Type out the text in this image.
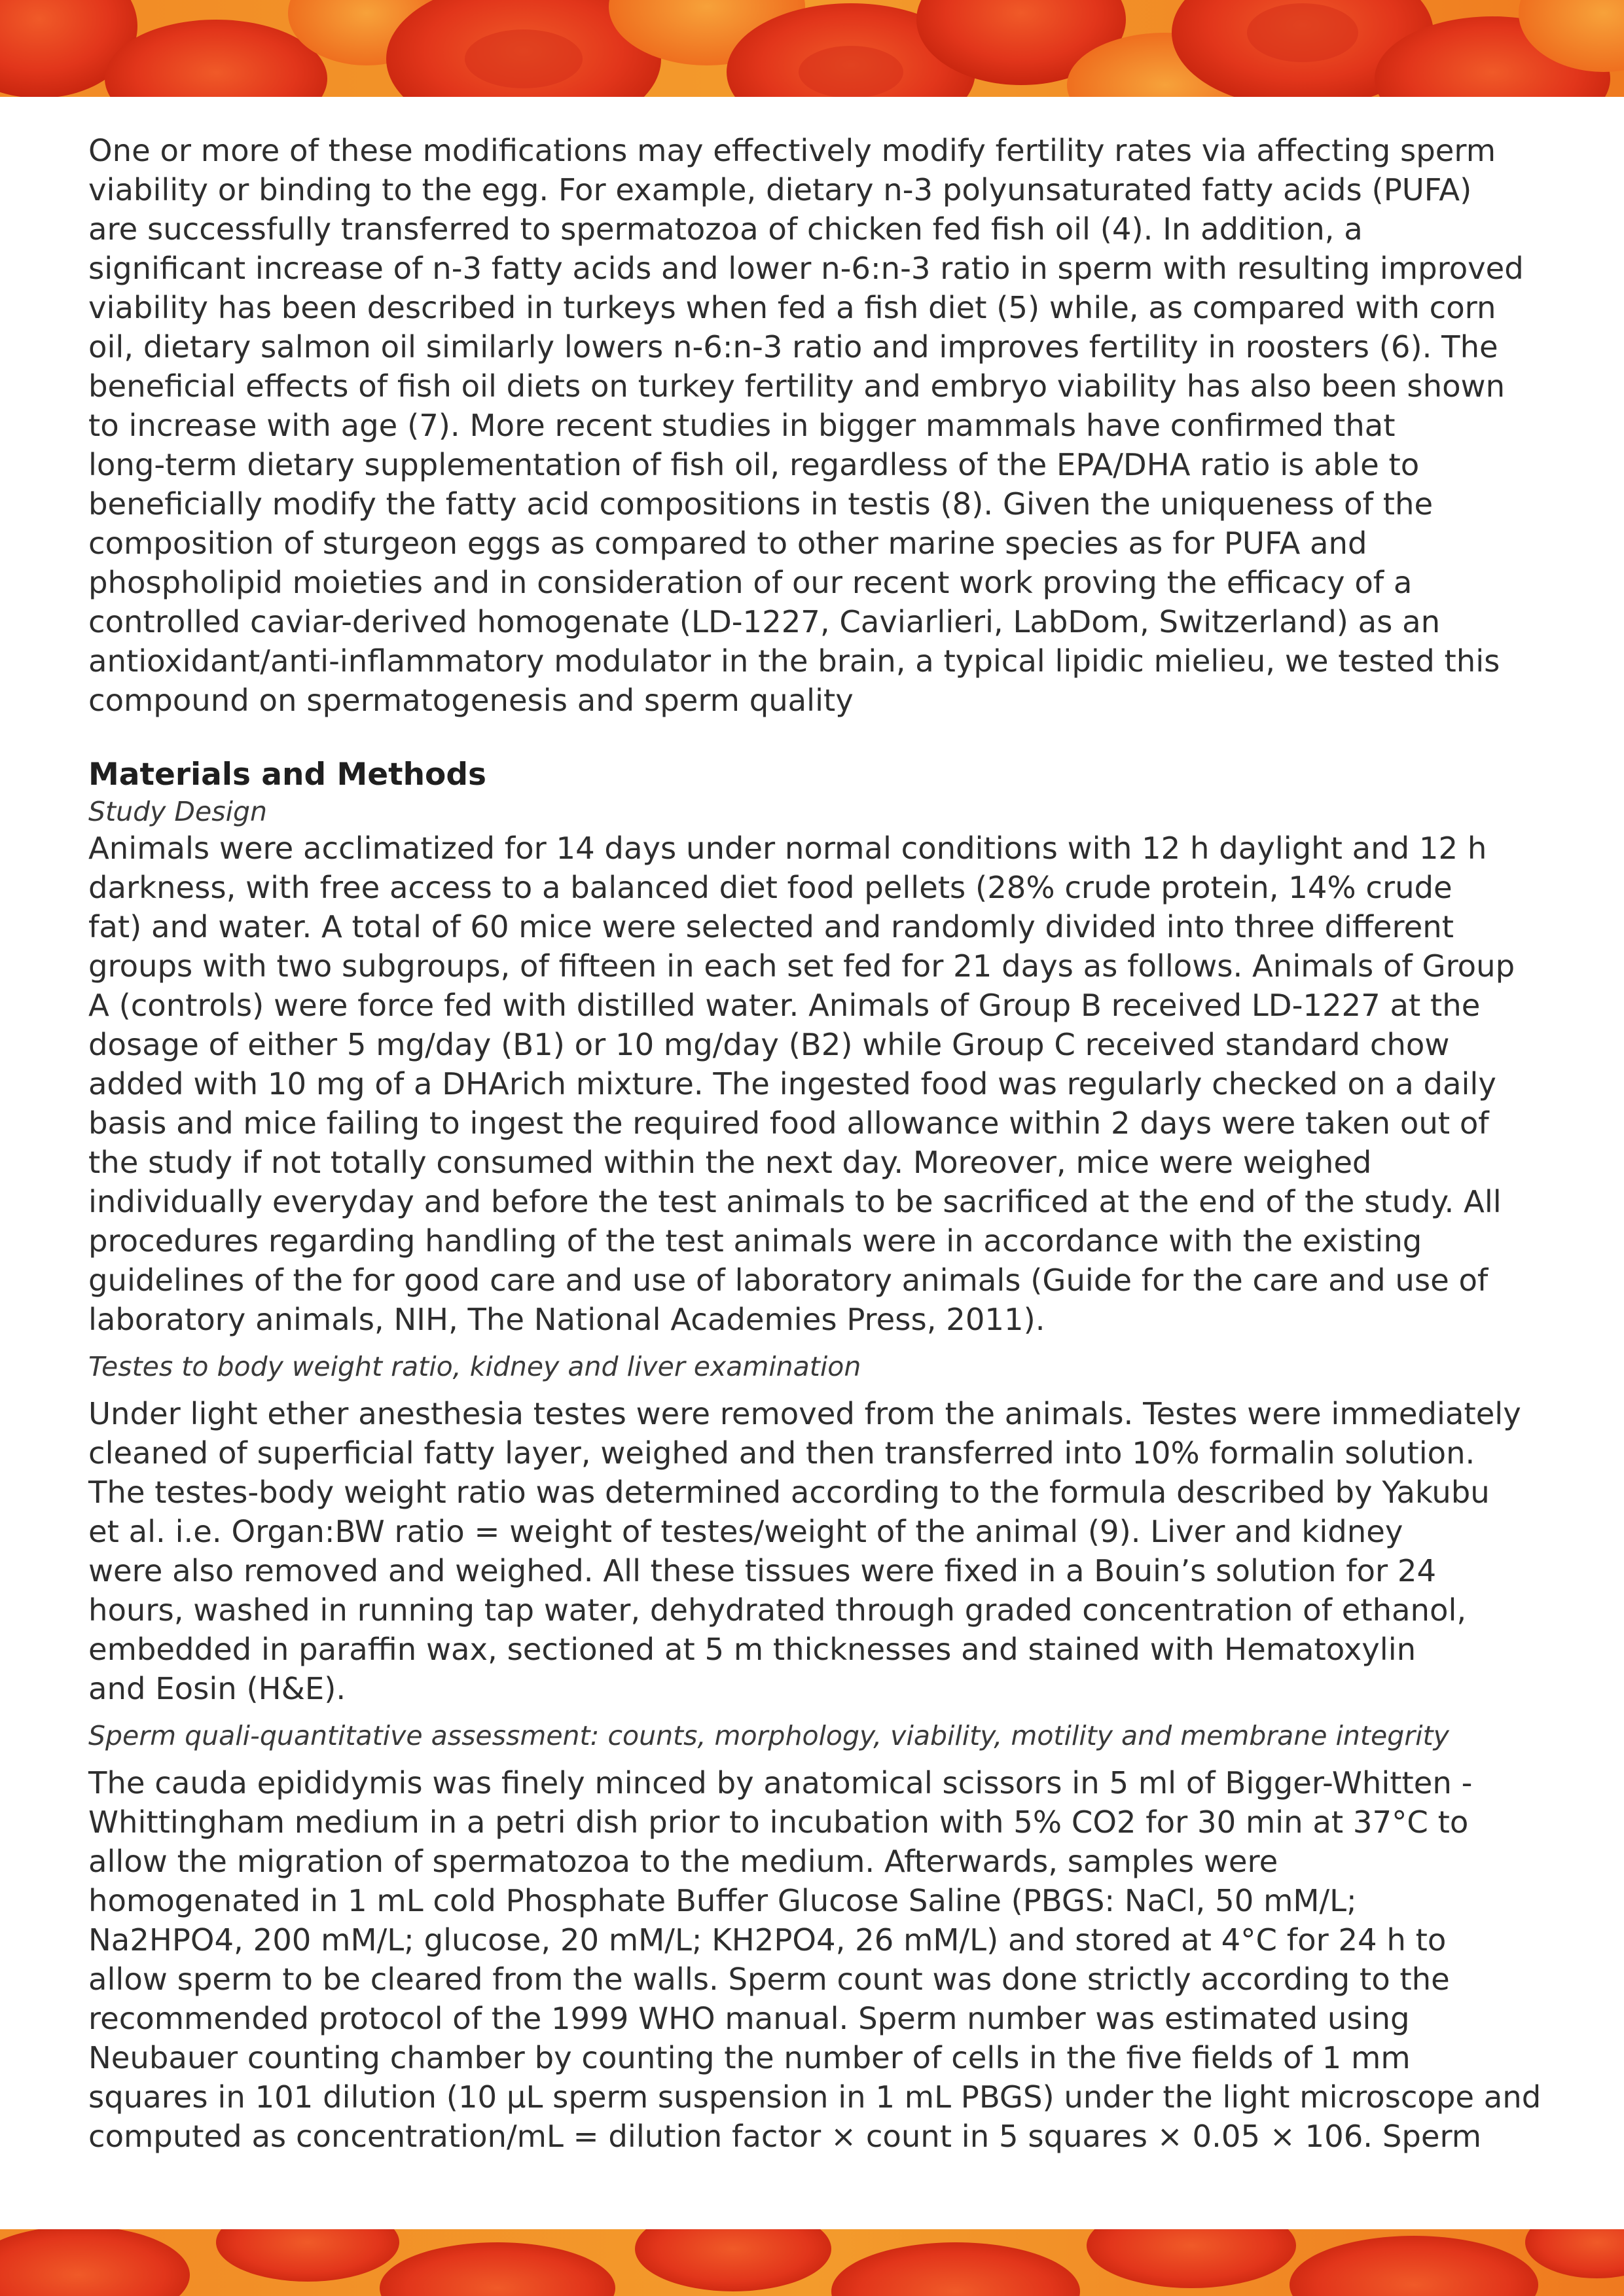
One or more of these modifications may effectively modify fertility rates via affecting sperm
viability or binding to the egg. For example, dietary n-3 polyunsaturated fatty acids (PUFA)
are successfully transferred to spermatozoa of chicken fed fish oil (4). In addition, a
significant increase of n-3 fatty acids and lower n-6:n-3 ratio in sperm with resulting improved
viability has been described in turkeys when fed a fish diet (5) while, as compared with corn
oil, dietary salmon oil similarly lowers n-6:n-3 ratio and improves fertility in roosters (6). The
beneficial effects of fish oil diets on turkey fertility and embryo viability has also been shown
to increase with age (7). More recent studies in bigger mammals have confirmed that
long-term dietary supplementation of fish oil, regardless of the EPA/DHA ratio is able to
beneficially modify the fatty acid compositions in testis (8). Given the uniqueness of the
composition of sturgeon eggs as compared to other marine species as for PUFA and
phospholipid moieties and in consideration of our recent work proving the efficacy of a
controlled caviar-derived homogenate (LD-1227, Caviarlieri, LabDom, Switzerland) as an
antioxidant/anti-inflammatory modulator in the brain, a typical lipidic mielieu, we tested this
compound on spermatogenesis and sperm quality

Materials and Methods
Study Design

Animals were acclimatized for 14 days under normal conditions with 12 h daylight and 12 h
darkness, with free access to a balanced diet food pellets (28% crude protein, 14% crude
fat) and water. A total of 60 mice were selected and randomly divided into three different
groups with two subgroups, of fifteen in each set fed for 21 days as follows. Animals of Group
A (controls) were force fed with distilled water. Animals of Group B received LD-1227 at the
dosage of either 5 mg/day (B1) or 10 mg/day (B2) while Group C received standard chow
added with 10 mg of a DHArich mixture. The ingested food was regularly checked on a daily
basis and mice failing to ingest the required food allowance within 2 days were taken out of
the study if not totally consumed within the next day. Moreover, mice were weighed
individually everyday and before the test animals to be sacrificed at the end of the study. All
procedures regarding handling of the test animals were in accordance with the existing
guidelines of the for good care and use of laboratory animals (Guide for the care and use of
laboratory animals, NIH, The National Academies Press, 2011).

Testes to body weight ratio, kidney and liver examination

Under light ether anesthesia testes were removed from the animals. Testes were immediately
cleaned of superficial fatty layer, weighed and then transferred into 10% formalin solution.
The testes-body weight ratio was determined according to the formula described by Yakubu
et al. i.e. Organ:BW ratio = weight of testes/weight of the animal (9). Liver and kidney
were also removed and weighed. All these tissues were fixed in a Bouin’s solution for 24
hours, washed in running tap water, dehydrated through graded concentration of ethanol,
embedded in paraffin wax, sectioned at 5 m thicknesses and stained with Hematoxylin
and Eosin (H&E).

Sperm quali-quantitative assessment: counts, morphology, viability, motility and membrane integrity

The cauda epididymis was finely minced by anatomical scissors in 5 ml of Bigger-Whitten -
Whittingham medium in a petri dish prior to incubation with 5% CO2 for 30 min at 37°C to
allow the migration of spermatozoa to the medium. Afterwards, samples were
homogenated in 1 mL cold Phosphate Buffer Glucose Saline (PBGS: NaCl, 50 mM/L;
Na2HPO4, 200 mM/L; glucose, 20 mM/L; KH2PO4, 26 mM/L) and stored at 4°C for 24 h to
allow sperm to be cleared from the walls. Sperm count was done strictly according to the
recommended protocol of the 1999 WHO manual. Sperm number was estimated using
Neubauer counting chamber by counting the number of cells in the five fields of 1 mm
squares in 101 dilution (10 µL sperm suspension in 1 mL PBGS) under the light microscope and
computed as concentration/mL = dilution factor × count in 5 squares × 0.05 × 106. Sperm
